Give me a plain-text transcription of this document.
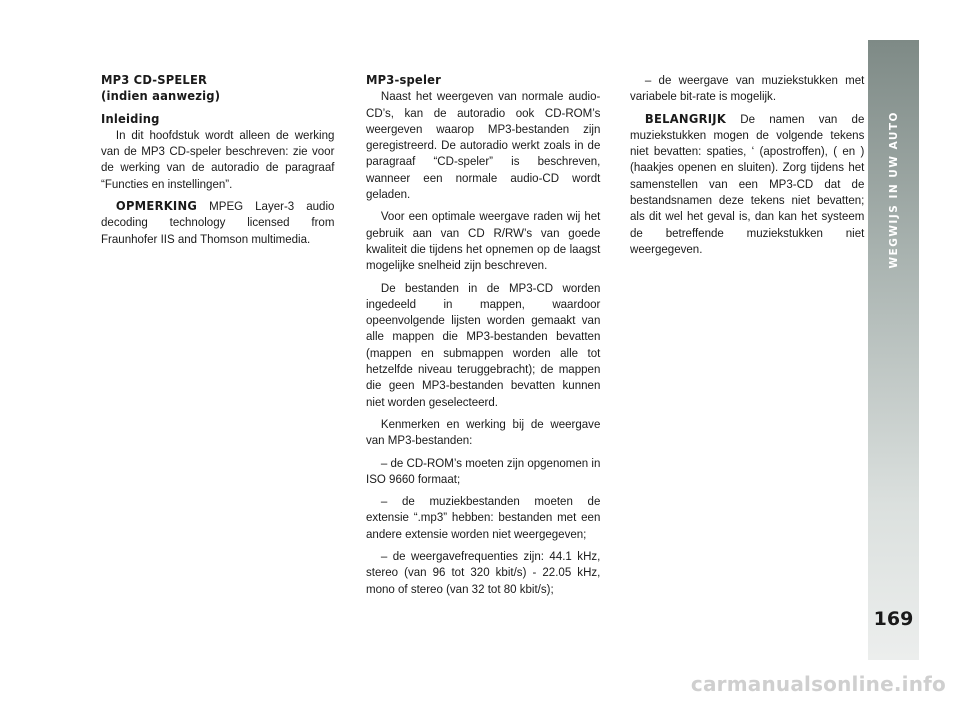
MP3 CD-SPELER
(indien aanwezig)
Inleiding

In dit hoofdstuk wordt alleen de werking van de MP3 CD-speler beschreven: zie voor de werking van de autoradio de paragraaf “Functies en instellingen”.

OPMERKING MPEG Layer-3 audio decoding technology licensed from Fraunhofer IIS and Thomson multimedia.

MP3-speler

Naast het weergeven van normale audio-CD’s, kan de autoradio ook CD-ROM’s weergeven waarop MP3-bestanden zijn geregistreerd. De autoradio werkt zoals in de paragraaf “CD-speler” is beschreven, wanneer een normale audio-CD wordt geladen.

Voor een optimale weergave raden wij het gebruik aan van CD R/RW’s van goede kwaliteit die tijdens het opnemen op de laagst mogelijke snelheid zijn beschreven.

De bestanden in de MP3-CD worden ingedeeld in mappen, waardoor opeenvolgende lijsten worden gemaakt van alle mappen die MP3-bestanden bevatten (mappen en submappen worden alle tot hetzelfde niveau teruggebracht); de mappen die geen MP3-bestanden bevatten kunnen niet worden geselecteerd.

Kenmerken en werking bij de weergave van MP3-bestanden:

– de CD-ROM’s moeten zijn opgenomen in ISO 9660 formaat;

– de muziekbestanden moeten de extensie “.mp3” hebben: bestanden met een andere extensie worden niet weergegeven;

– de weergavefrequenties zijn: 44.1 kHz, stereo (van 96 tot 320 kbit/s) - 22.05 kHz, mono of stereo (van 32 tot 80 kbit/s);

– de weergave van muziekstukken met variabele bit-rate is mogelijk.

BELANGRIJK De namen van de muziekstukken mogen de volgende tekens niet bevatten: spaties, ‘ (apostroffen), ( en ) (haakjes openen en sluiten). Zorg tijdens het samenstellen van een MP3-CD dat de bestandsnamen deze tekens niet bevatten; als dit wel het geval is, dan kan het systeem de betreffende muziekstukken niet weergegeven.	WEGWIJS IN UW AUTO
169
carmanualsonline.info
